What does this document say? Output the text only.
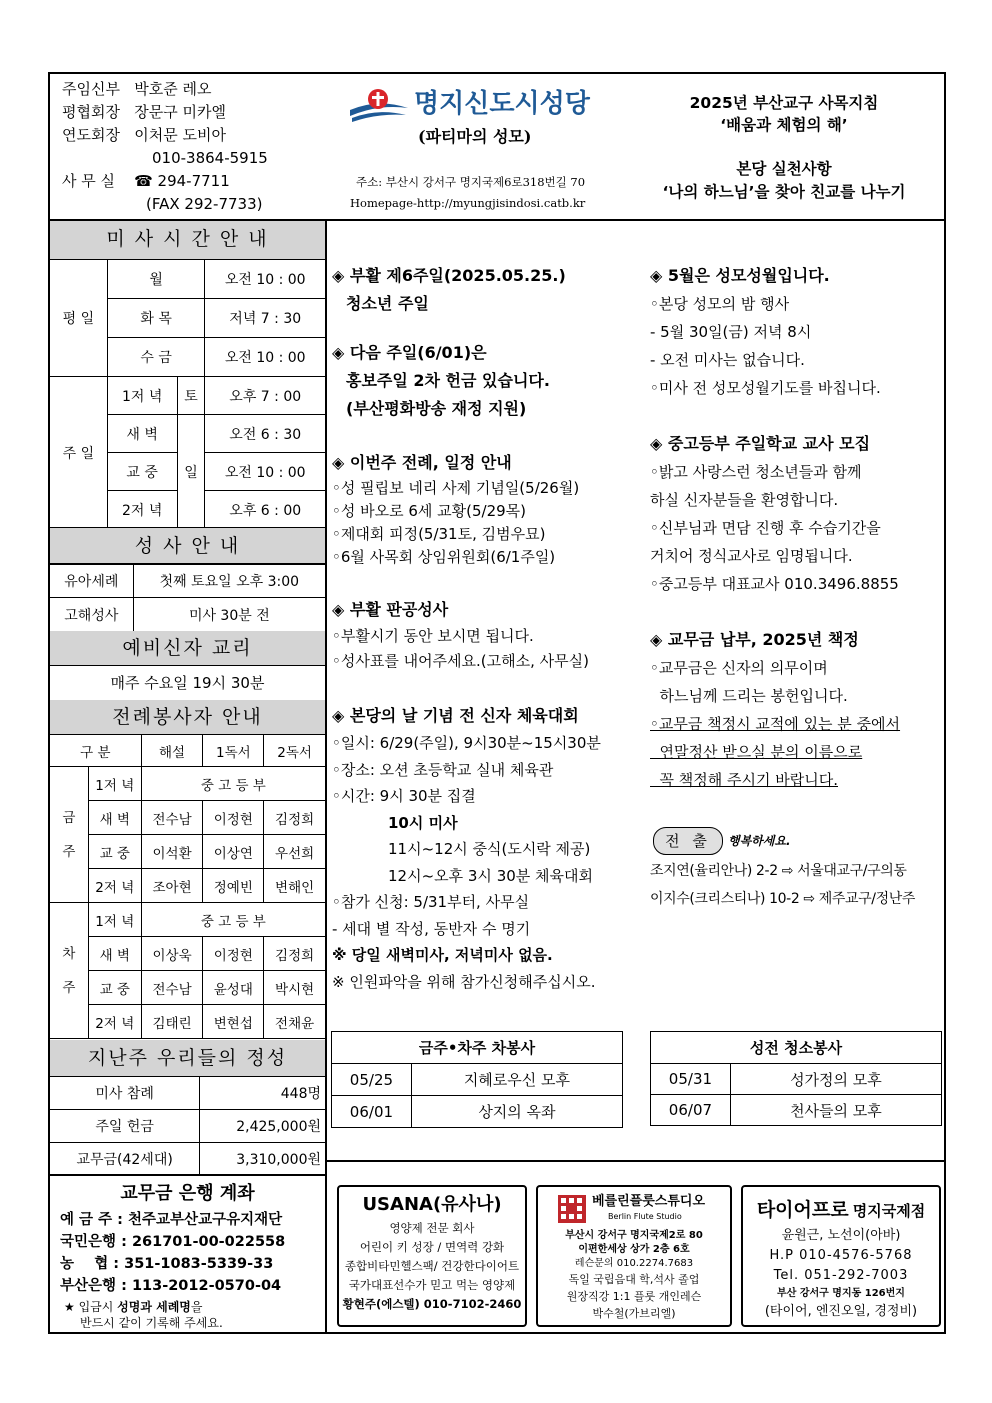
주임신부 박호준 레오
평협회장 장문구 미카엘
연도회장 이처문 도비아
010-3864-5915
사 무 실 ☎ 294-7711
(FAX 292-7733)
명지신도시성당
(파티마의 성모)
주소: 부산시 강서구 명지국제6로318번길 70
Homepage-http://myungjisindosi.catb.kr
2025년 부산교구 사목지침
‘배움과 체험의 해’
본당 실천사항
‘나의 하느님’을 찾아 친교를 나누기
미 사 시 간 안 내
평 일	월		오전 10 : 00
	화 목		저녁 7 : 30
	수 금		오전 10 : 00
주 일	1저 녁	토	오후 7 : 00
	새 벽	일	오전 6 : 30
	교 중		오전 10 : 00
	2저 녁		오후 6 : 00
성 사 안 내
유아세례	첫째 토요일 오후 3:00
고해성사	미사 30분 전
예비신자 교리
매주 수요일 19시 30분
전례봉사자 안내
구 분		해설	1독서	2독서

금 주	1저 녁	중 고 등 부		
	새 벽	전수남	이정현	김정희
	교 중	이석환	이상연	우선희
	2저 녁	조아현	정예빈	변해인

차 주	1저 녁	중 고 등 부		
	새 벽	이상욱	이정현	김정희
	교 중	전수남	윤성대	박시현
	2저 녁	김태린	변현섭	전채윤
지난주 우리들의 정성
미사 참례	448명
주일 헌금	2,425,000원
교무금(42세대)	3,310,000원
교무금 은행 계좌
예 금 주 : 천주교부산교구유지재단
국민은행 : 261701-00-022558
농    협 : 351-1083-5339-33
부산은행 : 113-2012-0570-04
★ 입금시 성명과 세례명을
반드시 같이 기록해 주세요.
◈ 부활 제6주일(2025.05.25.)
청소년 주일
◈ 다음 주일(6/01)은
홍보주일 2차 헌금 있습니다.
(부산평화방송 재정 지원)
◈ 이번주 전례, 일정 안내
◦성 필립보 네리 사제 기념일(5/26월)
◦성 바오로 6세 교황(5/29목)
◦제대회 피정(5/31토, 김범우묘)
◦6월 사목회 상임위원회(6/1주일)
◈ 부활 판공성사
◦부활시기 동안 보시면 됩니다.
◦성사표를 내어주세요.(고해소, 사무실)
◈ 본당의 날 기념 전 신자 체육대회
◦일시: 6/29(주일), 9시30분~15시30분
◦장소: 오션 초등학교 실내 체육관
◦시간: 9시 30분 집결
10시 미사
11시~12시 중식(도시락 제공)
12시~오후 3시 30분 체육대회
◦참가 신청: 5/31부터, 사무실
- 세대 별 작성, 동반자 수 명기
※ 당일 새벽미사, 저녁미사 없음.
※ 인원파악을 위해 참가신청해주십시오.
◈ 5월은 성모성월입니다.
◦본당 성모의 밤 행사
- 5월 30일(금) 저녁 8시
- 오전 미사는 없습니다.
◦미사 전 성모성월기도를 바칩니다.
◈ 중고등부 주일학교 교사 모집
◦밝고 사랑스런 청소년들과 함께
하실 신자분들을 환영합니다.
◦신부님과 면담 진행 후 수습기간을
거치어 정식교사로 임명됩니다.
◦중고등부 대표교사 010.3496.8855
◈ 교무금 납부, 2025년 책정
◦교무금은 신자의 의무이며
하느님께 드리는 봉헌입니다.
◦교무금 책정시 교적에 있는 분 중에서
연말정산 받으실 분의 이름으로
꼭 책정해 주시기 바랍니다.
전 출	행복하세요.
조지연(율리안나) 2-2 ⇨ 서울대교구/구의동
이지수(크리스티나) 10-2 ⇨ 제주교구/정난주
금주•차주 차봉사	
05/25	지혜로우신 모후
06/01	상지의 옥좌
성전 청소봉사	
05/31	성가정의 모후
06/07	천사들의 모후
USANA(유사나)
영양제 전문 회사
어린이 키 성장 / 면역력 강화
종합비타민헬스팩/ 건강한다이어트
국가대표선수가 믿고 먹는 영양제
황현주(에스텔) 010-7102-2460
베를린플룻스튜디오
Berlin Flute Studio
부산시 강서구 명지국제2로 80
이편한세상 상가 2층 6호
레슨문의 010.2274.7683
독일 국립음대 학,석사 졸업
원장직강 1:1 플룻 개인레슨
박수철(가브리엘)
타이어프로 명지국제점
윤원근, 노선이(아바)
H.P 010-4576-5768
Tel. 051-292-7003
부산 강서구 명지동 126번지
(타이어, 엔진오일, 경정비)
